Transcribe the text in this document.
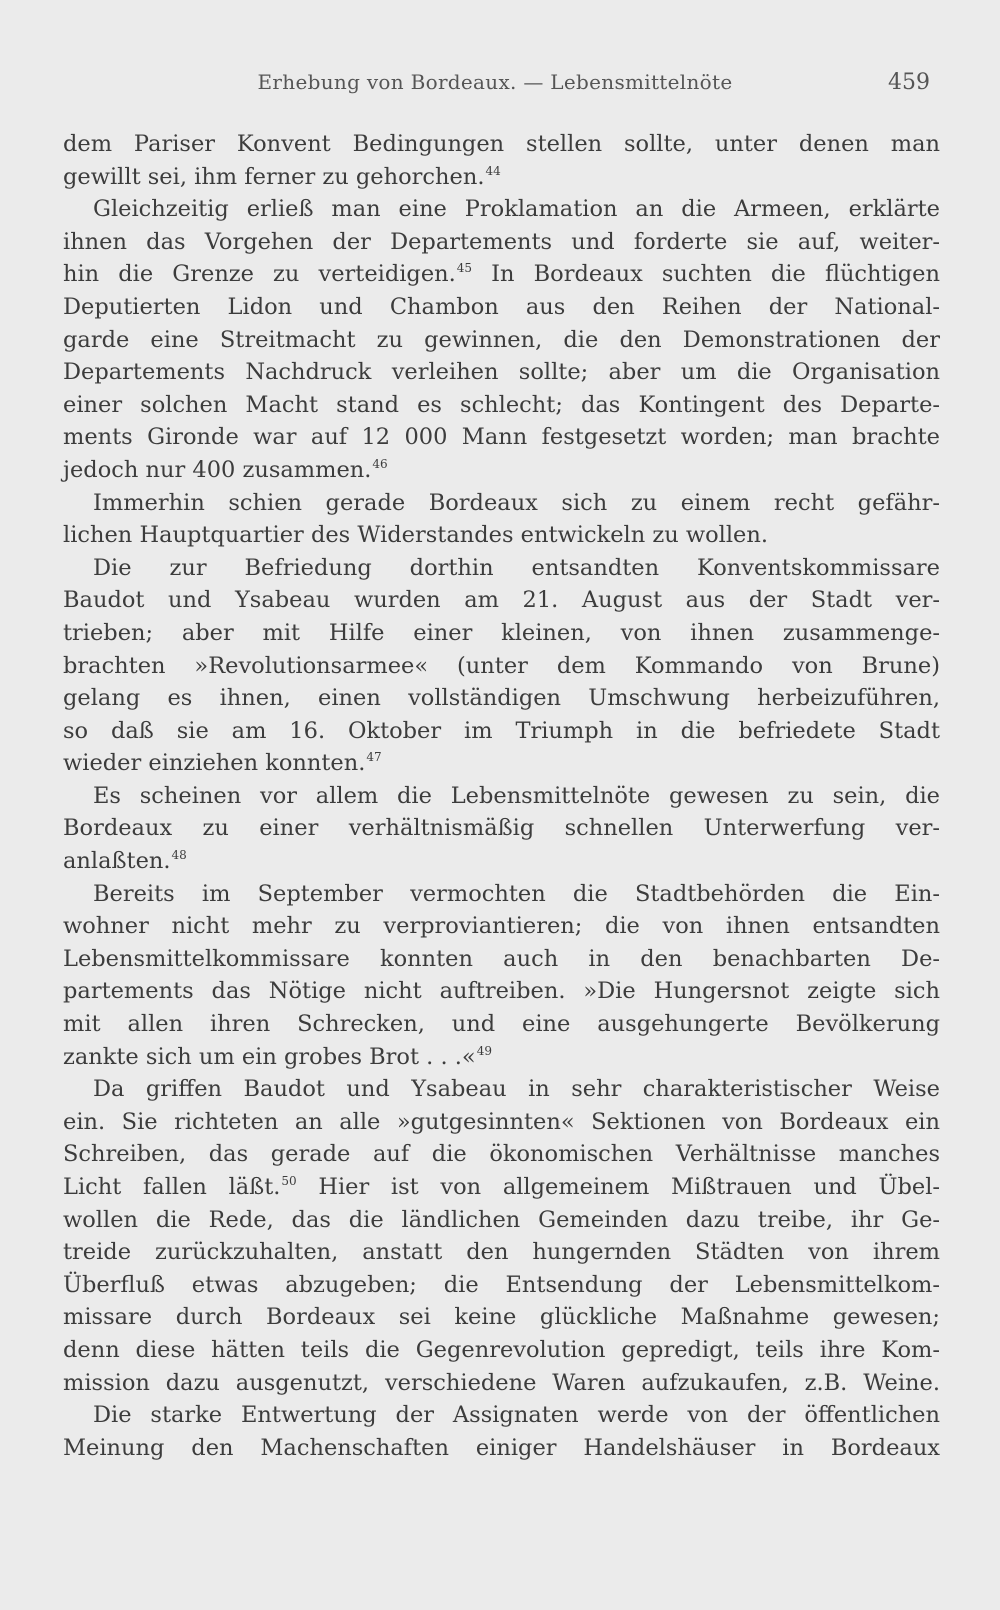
Erhebung von Bordeaux. — Lebensmittelnöte	459
dem Pariser Konvent Bedingungen stellen sollte, unter denen man
gewillt sei, ihm ferner zu gehorchen.$^{44}$
Gleichzeitig erließ man eine Proklamation an die Armeen, erklärte
ihnen das Vorgehen der Departements und forderte sie auf, weiter-
hin die Grenze zu verteidigen.$^{45}$ In Bordeaux suchten die flüchtigen
Deputierten Lidon und Chambon aus den Reihen der National-
garde eine Streitmacht zu gewinnen, die den Demonstrationen der
Departements Nachdruck verleihen sollte; aber um die Organisation
einer solchen Macht stand es schlecht; das Kontingent des Departe-
ments Gironde war auf 12 000 Mann festgesetzt worden; man brachte
jedoch nur 400 zusammen.$^{46}$
Immerhin schien gerade Bordeaux sich zu einem recht gefähr-
lichen Hauptquartier des Widerstandes entwickeln zu wollen.
Die zur Befriedung dorthin entsandten Konventskommissare
Baudot und Ysabeau wurden am 21. August aus der Stadt ver-
trieben; aber mit Hilfe einer kleinen, von ihnen zusammenge-
brachten »Revolutionsarmee« (unter dem Kommando von Brune)
gelang es ihnen, einen vollständigen Umschwung herbeizuführen,
so daß sie am 16. Oktober im Triumph in die befriedete Stadt
wieder einziehen konnten.$^{47}$
Es scheinen vor allem die Lebensmittelnöte gewesen zu sein, die
Bordeaux zu einer verhältnismäßig schnellen Unterwerfung ver-
anlaßten.$^{48}$
Bereits im September vermochten die Stadtbehörden die Ein-
wohner nicht mehr zu verproviantieren; die von ihnen entsandten
Lebensmittelkommissare konnten auch in den benachbarten De-
partements das Nötige nicht auftreiben. »Die Hungersnot zeigte sich
mit allen ihren Schrecken, und eine ausgehungerte Bevölkerung
zankte sich um ein grobes Brot . . .«$^{49}$
Da griffen Baudot und Ysabeau in sehr charakteristischer Weise
ein. Sie richteten an alle »gutgesinnten« Sektionen von Bordeaux ein
Schreiben, das gerade auf die ökonomischen Verhältnisse manches
Licht fallen läßt.$^{50}$ Hier ist von allgemeinem Mißtrauen und Übel-
wollen die Rede, das die ländlichen Gemeinden dazu treibe, ihr Ge-
treide zurückzuhalten, anstatt den hungernden Städten von ihrem
Überfluß etwas abzugeben; die Entsendung der Lebensmittelkom-
missare durch Bordeaux sei keine glückliche Maßnahme gewesen;
denn diese hätten teils die Gegenrevolution gepredigt, teils ihre Kom-
mission dazu ausgenutzt, verschiedene Waren aufzukaufen, z.B. Weine.
Die starke Entwertung der Assignaten werde von der öffentlichen
Meinung den Machenschaften einiger Handelshäuser in Bordeaux
